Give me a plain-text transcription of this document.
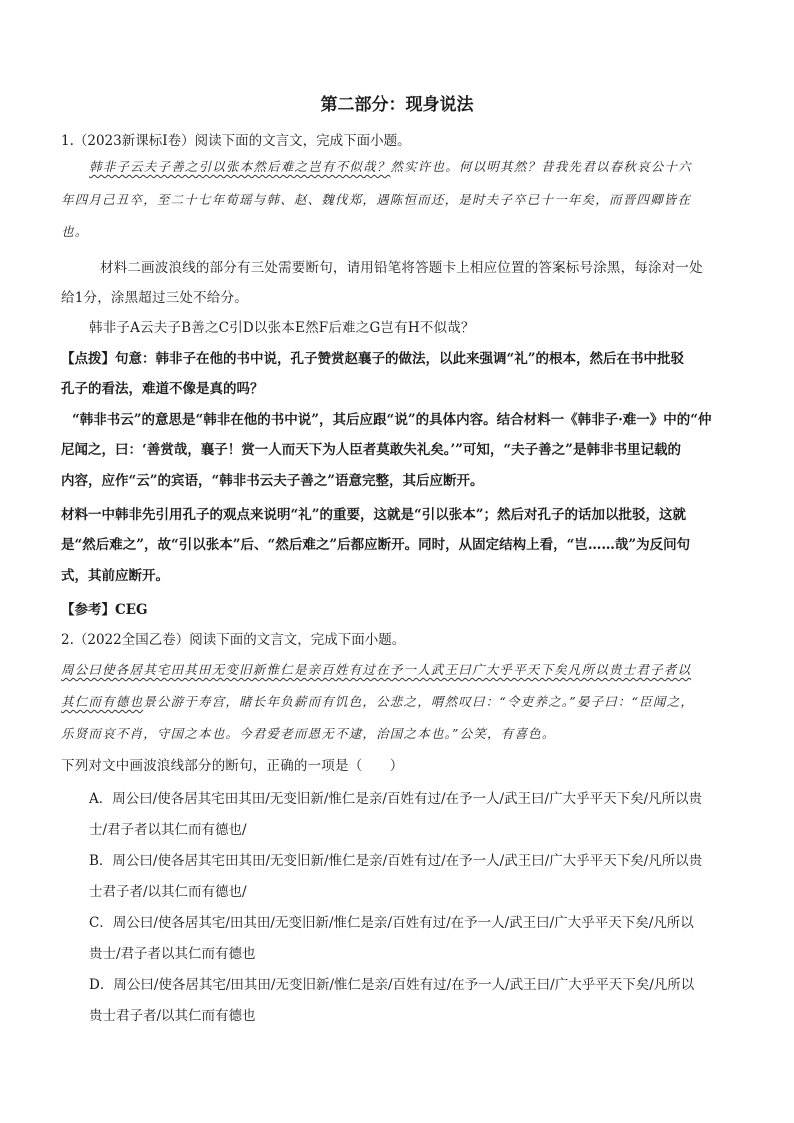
第二部分：现身说法
1.（2023新课标Ⅰ卷）阅读下面的文言文，完成下面小题。
韩非子云夫子善之引以张本然后难之岂有不似哉？然实许也。何以明其然？昔我先君以春秋哀公十六
年四月己丑卒，至二十七年荀瑶与韩、赵、魏伐郑，遇陈恒而还，是时夫子卒已十一年矣，而晋四卿皆在
也。
材料二画波浪线的部分有三处需要断句，请用铅笔将答题卡上相应位置的答案标号涂黑，每涂对一处
给1分，涂黑超过三处不给分。
韩非子A云夫子B善之C引D以张本E然F后难之G岂有H不似哉？
【点拨】句意：韩非子在他的书中说，孔子赞赏赵襄子的做法，以此来强调“礼”的根本，然后在书中批驳
孔子的看法，难道不像是真的吗？
“韩非书云”的意思是“韩非在他的书中说”，其后应跟“说”的具体内容。结合材料一《韩非子·难一》中的“仲
尼闻之，曰：‘善赏哉，襄子！赏一人而天下为人臣者莫敢失礼矣。’”可知，“夫子善之”是韩非书里记载的
内容，应作“云”的宾语，“韩非书云夫子善之”语意完整，其后应断开。
材料一中韩非先引用孔子的观点来说明“礼”的重要，这就是“引以张本”；然后对孔子的话加以批驳，这就
是“然后难之”，故“引以张本”后、“然后难之”后都应断开。同时，从固定结构上看，“岂……哉”为反问句
式，其前应断开。
【参考】CEG
2.（2022全国乙卷）阅读下面的文言文，完成下面小题。
周公曰使各居其宅田其田无变旧新惟仁是亲百姓有过在予一人武王曰广大乎平天下矣凡所以贵士君子者以
其仁而有德也景公游于寿宫，睹长年负薪而有饥色，公悲之，喟然叹曰：“令吏养之。”晏子曰：“臣闻之，
乐贤而哀不肖，守国之本也。今君爱老而恩无不逮，治国之本也。”公笑，有喜色。
下列对文中画波浪线部分的断句，正确的一项是（　　）
A．周公曰/使各居其宅田其田/无变旧新/惟仁是亲/百姓有过/在予一人/武王曰/广大乎平天下矣/凡所以贵
士/君子者以其仁而有德也/
B．周公曰/使各居其宅田其田/无变旧新/惟仁是亲/百姓有过/在予一人/武王曰/广大乎平天下矣/凡所以贵
士君子者/以其仁而有德也/
C．周公曰/使各居其宅/田其田/无变旧新/惟仁是亲/百姓有过/在予一人/武王曰/广大乎平天下矣/凡所以
贵士/君子者以其仁而有德也
D．周公曰/使各居其宅/田其田/无变旧新/惟仁是亲/百姓有过/在予一人/武王曰/广大乎平天下矣/凡所以
贵士君子者/以其仁而有德也
